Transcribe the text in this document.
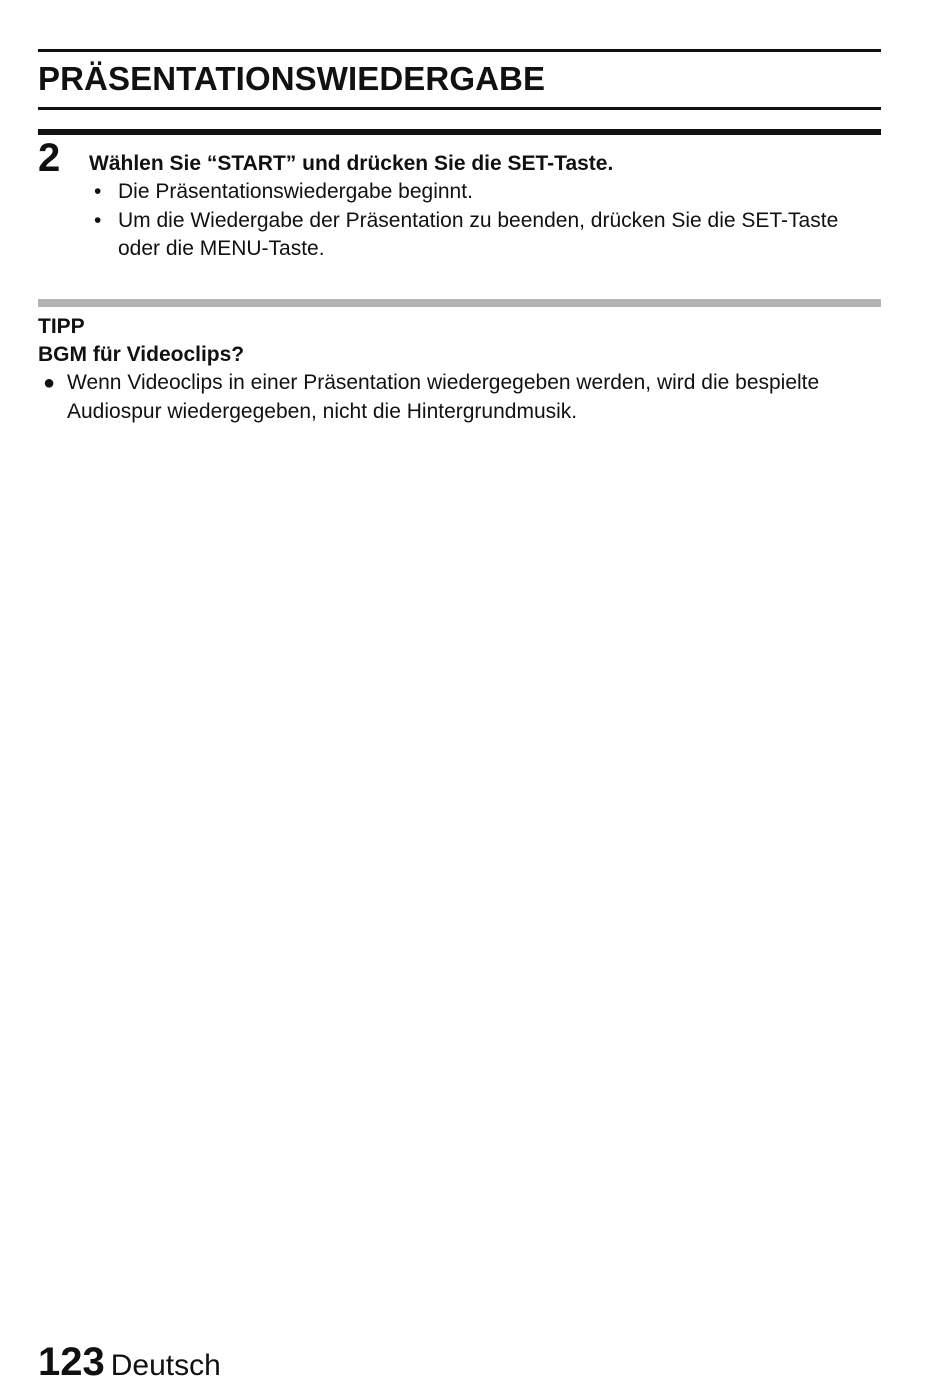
PRÄSENTATIONSWIEDERGABE
2 Wählen Sie “START” und drücken Sie die SET-Taste.
• Die Präsentationswiedergabe beginnt.
• Um die Wiedergabe der Präsentation zu beenden, drücken Sie die SET-Taste oder die MENU-Taste.
TIPP
BGM für Videoclips?
● Wenn Videoclips in einer Präsentation wiedergegeben werden, wird die bespielte Audiospur wiedergegeben, nicht die Hintergrundmusik.
123 Deutsch
